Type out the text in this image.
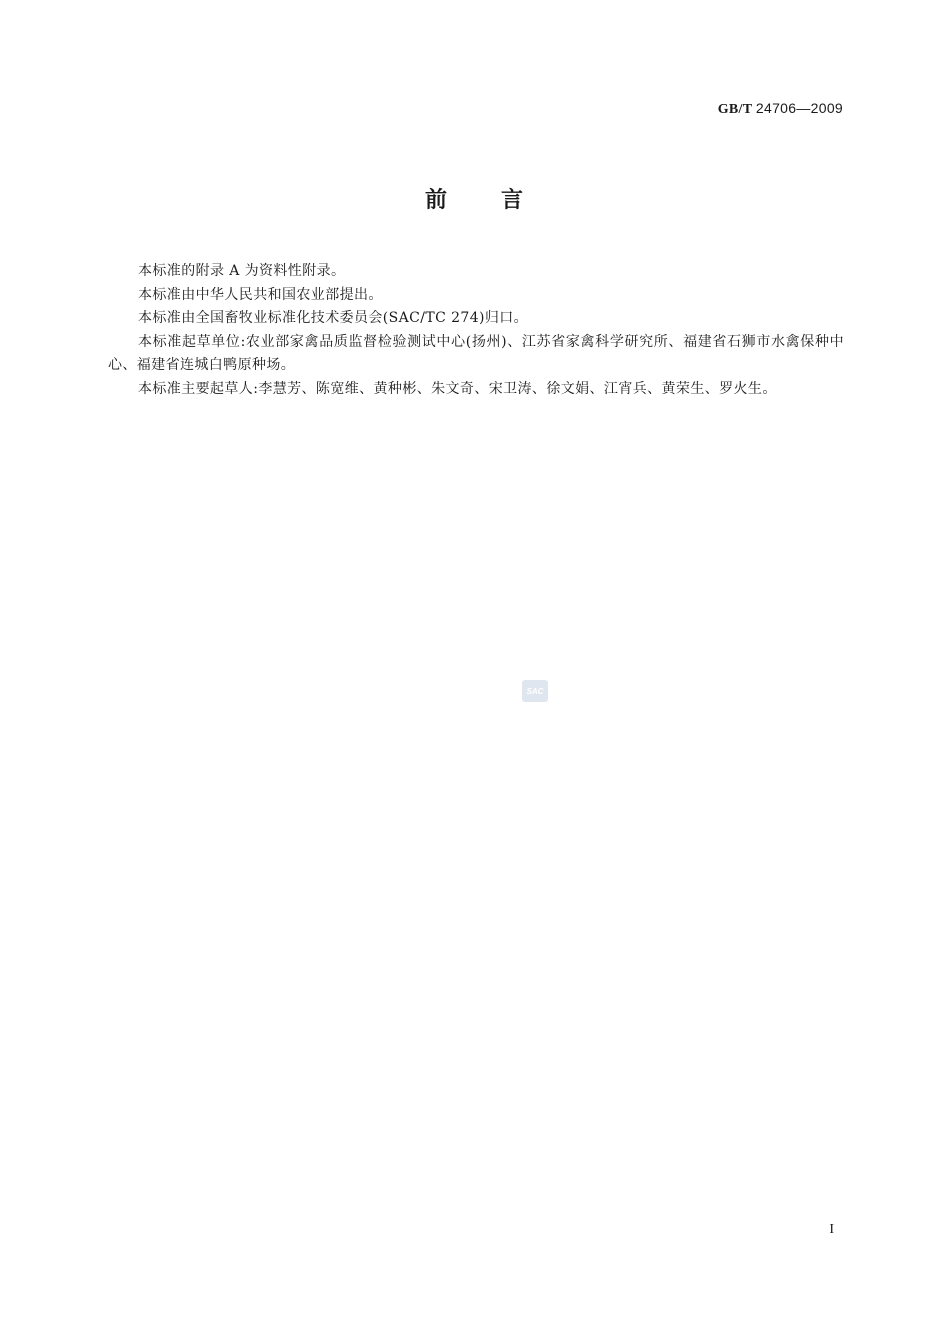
GB/T 24706—2009
前 言

本标准的附录 A 为资料性附录。

本标准由中华人民共和国农业部提出。

本标准由全国畜牧业标准化技术委员会(SAC/TC 274)归口。

本标准起草单位:农业部家禽品质监督检验测试中心(扬州)、江苏省家禽科学研究所、福建省石狮市水禽保种中心、福建省连城白鸭原种场。

本标准主要起草人:李慧芳、陈宽维、黄种彬、朱文奇、宋卫涛、徐文娟、江宵兵、黄荣生、罗火生。

SAC
I
